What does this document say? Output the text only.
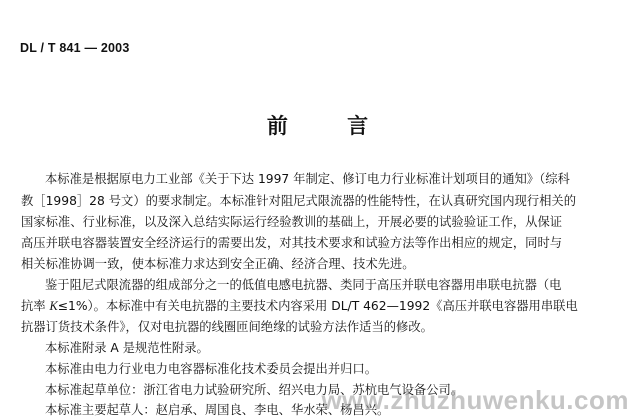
DL / T 841 — 2003
前 言
本标准是根据原电力工业部《关于下达 1997 年制定、修订电力行业标准计划项目的通知》（综科
教［1998］28 号文）的要求制定。本标准针对阻尼式限流器的性能特性，在认真研究国内现行相关的
国家标准、行业标准，以及深入总结实际运行经验教训的基础上，开展必要的试验验证工作，从保证
高压并联电容器装置安全经济运行的需要出发，对其技术要求和试验方法等作出相应的规定，同时与
相关标准协调一致，使本标准力求达到安全正确、经济合理、技术先进。
鉴于阻尼式限流器的组成部分之一的低值电感电抗器、类同于高压并联电容器用串联电抗器（电
抗率 K≤1%）。本标准中有关电抗器的主要技术内容采用 DL/T 462—1992《高压并联电容器用串联电
抗器订货技术条件》，仅对电抗器的线圈匝间绝缘的试验方法作适当的修改。
本标准附录 A 是规范性附录。
本标准由电力行业电力电容器标准化技术委员会提出并归口。
本标准起草单位：浙江省电力试验研究所、绍兴电力局、苏杭电气设备公司。
本标准主要起草人：赵启承、周国良、李电、华水荣、杨昌兴。
www.zhuzhuwenku.com
